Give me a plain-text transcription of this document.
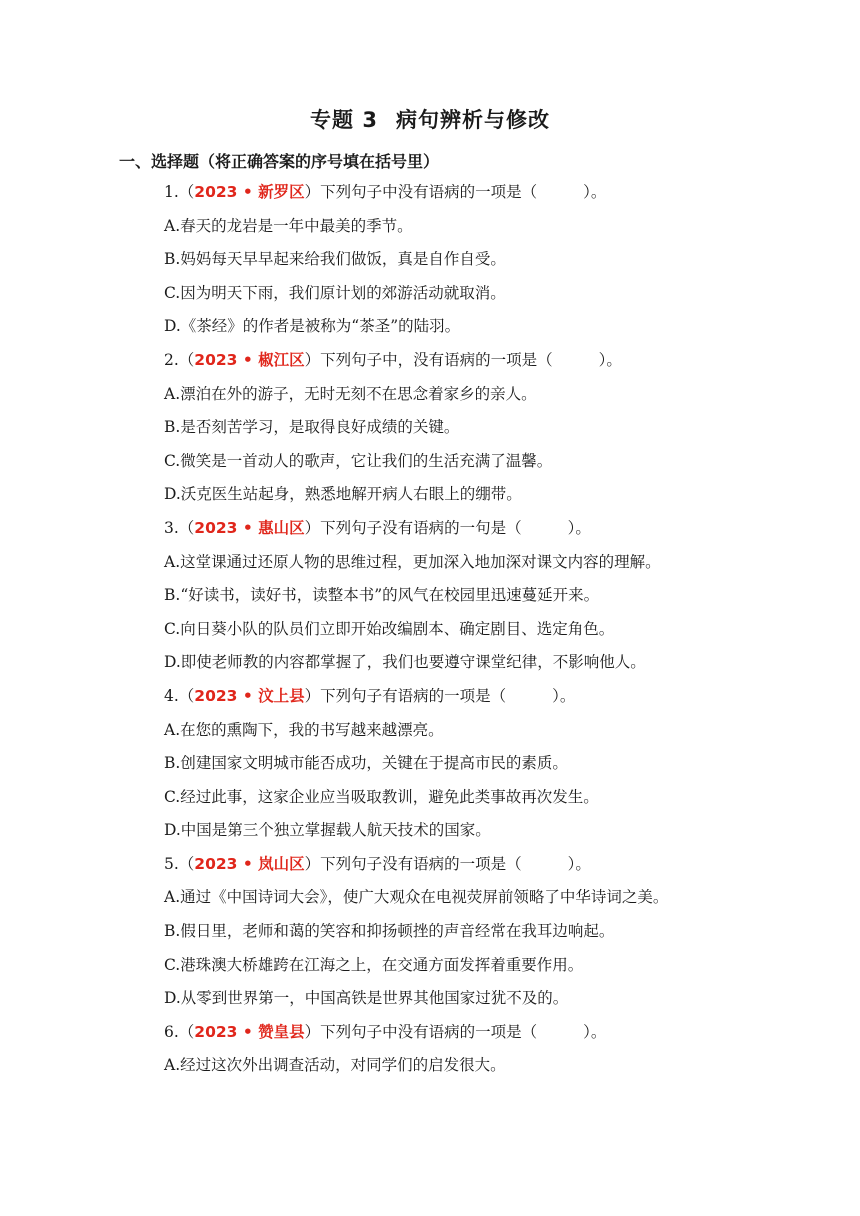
专题 3 病句辨析与修改
一、选择题（将正确答案的序号填在括号里）
1.（2023 • 新罗区）下列句子中没有语病的一项是（	）。
A.春天的龙岩是一年中最美的季节。
B.妈妈每天早早起来给我们做饭，真是自作自受。
C.因为明天下雨，我们原计划的郊游活动就取消。
D.《茶经》的作者是被称为“茶圣”的陆羽。
2.（2023 • 椒江区）下列句子中，没有语病的一项是（	）。
A.漂泊在外的游子，无时无刻不在思念着家乡的亲人。
B.是否刻苦学习，是取得良好成绩的关键。
C.微笑是一首动人的歌声，它让我们的生活充满了温馨。
D.沃克医生站起身，熟悉地解开病人右眼上的绷带。
3.（2023 • 惠山区）下列句子没有语病的一句是（	）。
A.这堂课通过还原人物的思维过程，更加深入地加深对课文内容的理解。
B.“好读书，读好书，读整本书”的风气在校园里迅速蔓延开来。
C.向日葵小队的队员们立即开始改编剧本、确定剧目、选定角色。
D.即使老师教的内容都掌握了，我们也要遵守课堂纪律，不影响他人。
4.（2023 • 汶上县）下列句子有语病的一项是（	）。
A.在您的熏陶下，我的书写越来越漂亮。
B.创建国家文明城市能否成功，关键在于提高市民的素质。
C.经过此事，这家企业应当吸取教训，避免此类事故再次发生。
D.中国是第三个独立掌握载人航天技术的国家。
5.（2023 • 岚山区）下列句子没有语病的一项是（	）。
A.通过《中国诗词大会》，使广大观众在电视荧屏前领略了中华诗词之美。
B.假日里，老师和蔼的笑容和抑扬顿挫的声音经常在我耳边响起。
C.港珠澳大桥雄跨在江海之上，在交通方面发挥着重要作用。
D.从零到世界第一，中国高铁是世界其他国家过犹不及的。
6.（2023 • 赞皇县）下列句子中没有语病的一项是（	）。
A.经过这次外出调查活动，对同学们的启发很大。
